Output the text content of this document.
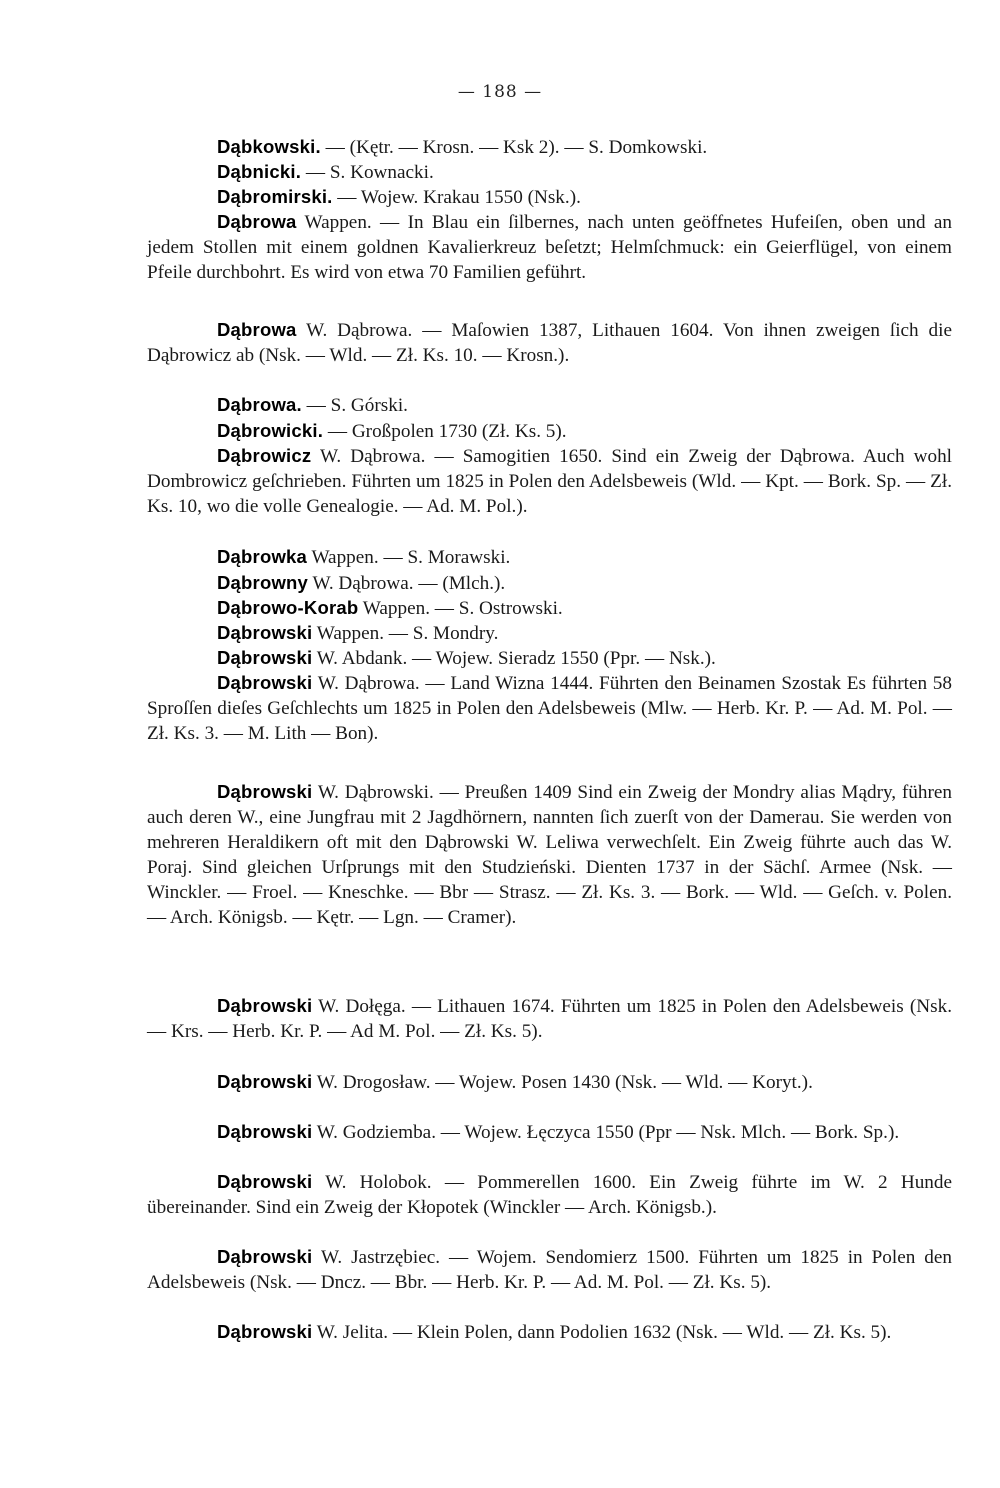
— 188 —

Dąbkowski. — (Kętr. — Krosn. — Ksk 2). — S. Domkowski.

Dąbnicki. — S. Kownacki.

Dąbromirski. — Wojew. Krakau 1550 (Nsk.).

Dąbrowa Wappen. — In Blau ein ſilbernes, nach unten geöffnetes Hufeiſen, oben und an jedem Stollen mit einem goldnen Kavalierkreuz beſetzt; Helmſchmuck: ein Geierflügel, von einem Pfeile durchbohrt. Es wird von etwa 70 Familien geführt.

Dąbrowa W. Dąbrowa. — Maſowien 1387, Lithauen 1604. Von ihnen zweigen ſich die Dąbrowicz ab (Nsk. — Wld. — Zł. Ks. 10. — Krosn.).

Dąbrowa. — S. Górski.

Dąbrowicki. — Großpolen 1730 (Zł. Ks. 5).

Dąbrowicz W. Dąbrowa. — Samogitien 1650. Sind ein Zweig der Dąbrowa. Auch wohl Dombrowicz geſchrieben. Führten um 1825 in Polen den Adelsbeweis (Wld. — Kpt. — Bork. Sp. — Zł. Ks. 10, wo die volle Genealogie. — Ad. M. Pol.).

Dąbrowka Wappen. — S. Morawski.

Dąbrowny W. Dąbrowa. — (Mlch.).

Dąbrowo-Korab Wappen. — S. Ostrowski.

Dąbrowski Wappen. — S. Mondry.

Dąbrowski W. Abdank. — Wojew. Sieradz 1550 (Ppr. — Nsk.).

Dąbrowski W. Dąbrowa. — Land Wizna 1444. Führten den Beinamen Szostak Es führten 58 Sproſſen dieſes Geſchlechts um 1825 in Polen den Adelsbeweis (Mlw. — Herb. Kr. P. — Ad. M. Pol. — Zł. Ks. 3. — M. Lith — Bon).

Dąbrowski W. Dąbrowski. — Preußen 1409 Sind ein Zweig der Mondry alias Mądry, führen auch deren W., eine Jungfrau mit 2 Jagdhörnern, nannten ſich zuerſt von der Damerau. Sie werden von mehreren Heraldikern oft mit den Dąbrowski W. Leliwa verwechſelt. Ein Zweig führte auch das W. Poraj. Sind gleichen Urſprungs mit den Studzieński. Dienten 1737 in der Sächſ. Armee (Nsk. — Winckler. — Froel. — Kneschke. — Bbr — Strasz. — Zł. Ks. 3. — Bork. — Wld. — Geſch. v. Polen. — Arch. Königsb. — Kętr. — Lgn. — Cramer).

Dąbrowski W. Dołęga. — Lithauen 1674. Führten um 1825 in Polen den Adelsbeweis (Nsk. — Krs. — Herb. Kr. P. — Ad M. Pol. — Zł. Ks. 5).

Dąbrowski W. Drogosław. — Wojew. Posen 1430 (Nsk. — Wld. — Koryt.).

Dąbrowski W. Godziemba. — Wojew. Łęczyca 1550 (Ppr — Nsk. Mlch. — Bork. Sp.).

Dąbrowski W. Holobok. — Pommerellen 1600. Ein Zweig führte im W. 2 Hunde übereinander. Sind ein Zweig der Kłopotek (Winckler — Arch. Königsb.).

Dąbrowski W. Jastrzębiec. — Wojem. Sendomierz 1500. Führten um 1825 in Polen den Adelsbeweis (Nsk. — Dncz. — Bbr. — Herb. Kr. P. — Ad. M. Pol. — Zł. Ks. 5).

Dąbrowski W. Jelita. — Klein Polen, dann Podolien 1632 (Nsk. — Wld. — Zł. Ks. 5).
